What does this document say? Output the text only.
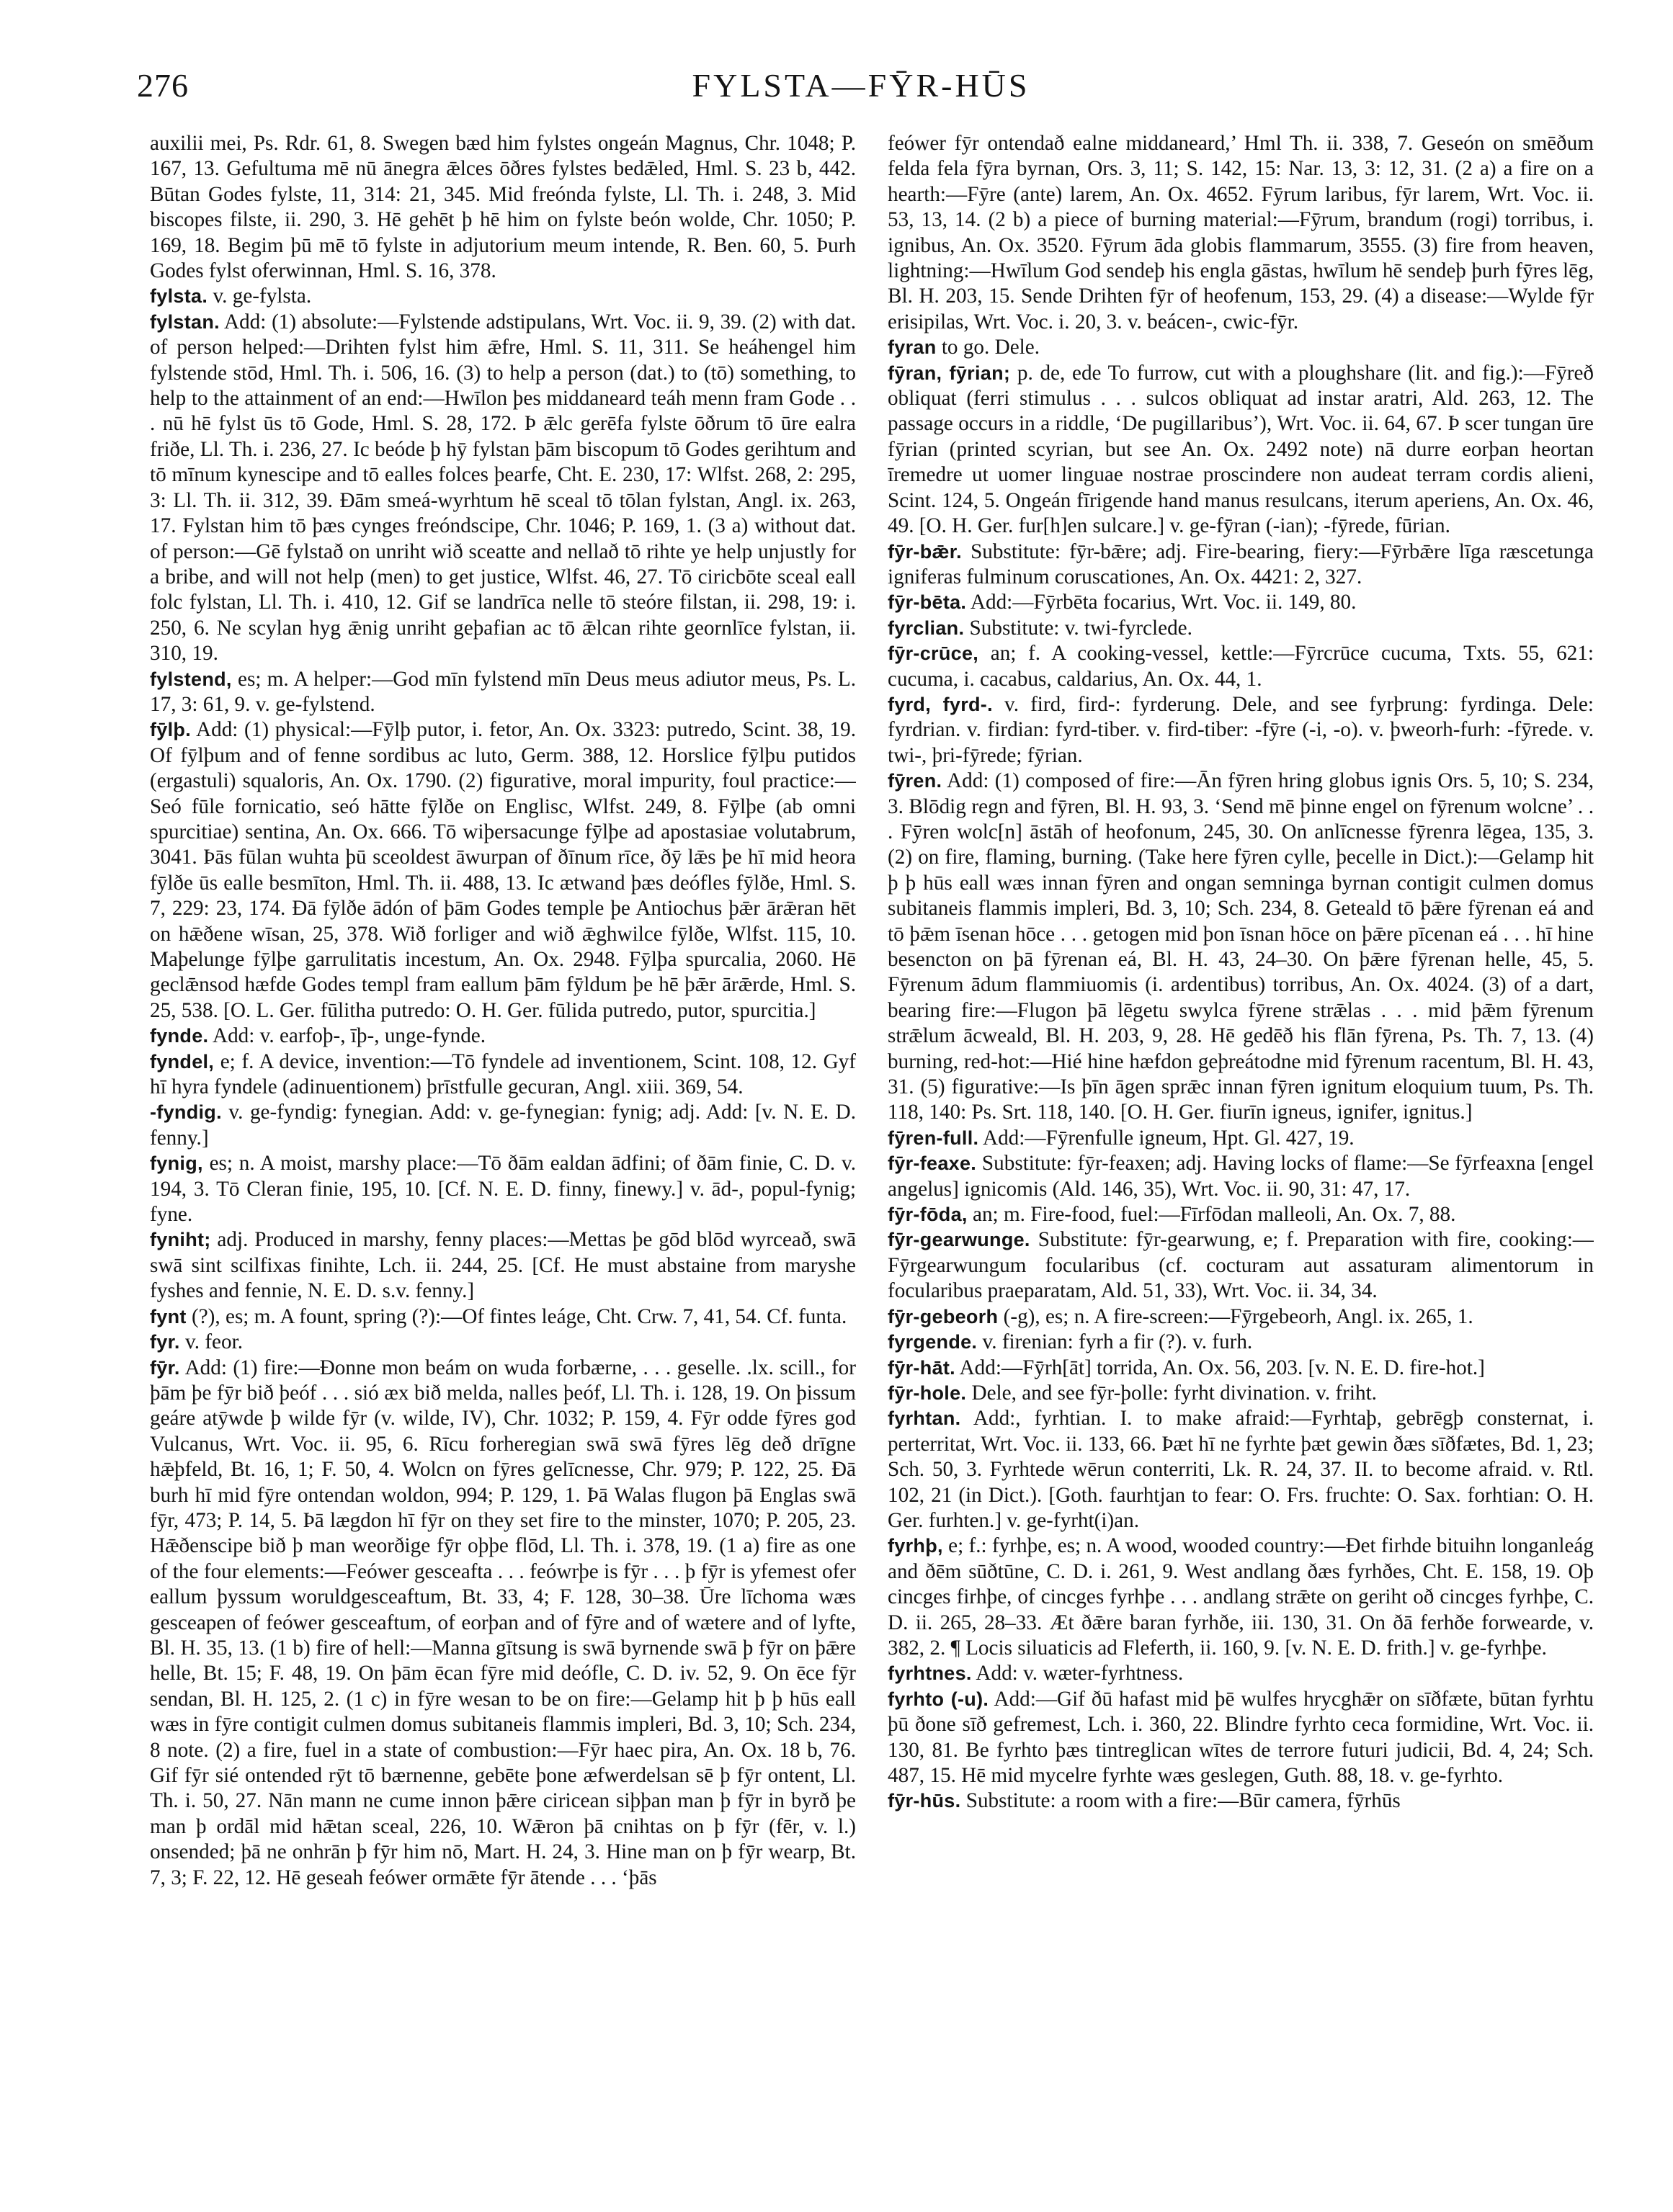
276	FYLSTA—FȲR-HŪS

auxilii mei, Ps. Rdr. 61, 8. Swegen bæd him fylstes ongeán Magnus, Chr. 1048; P. 167, 13. Gefultuma mē nū ānegra ǣlces ōðres fylstes bedǣled, Hml. S. 23 b, 442. Būtan Godes fylste, 11, 314: 21, 345. Mid freónda fylste, Ll. Th. i. 248, 3. Mid biscopes filste, ii. 290, 3. Hē gehēt þ hē him on fylste beón wolde, Chr. 1050; P. 169, 18. Begim þū mē tō fylste in adjutorium meum intende, R. Ben. 60, 5. Þurh Godes fylst oferwinnan, Hml. S. 16, 378.

fylsta. v. ge-fylsta.

fylstan. Add: (1) absolute:—Fylstende adstipulans, Wrt. Voc. ii. 9, 39. (2) with dat. of person helped:—Drihten fylst him ǣfre, Hml. S. 11, 311. Se heáhengel him fylstende stōd, Hml. Th. i. 506, 16. (3) to help a person (dat.) to (tō) something, to help to the attainment of an end:—Hwīlon þes middaneard teáh menn fram Gode . . . nū hē fylst ūs tō Gode, Hml. S. 28, 172. Þ ǣlc gerēfa fylste ōðrum tō ūre ealra friðe, Ll. Th. i. 236, 27. Ic beóde þ hȳ fylstan þām biscopum tō Godes gerihtum and tō mīnum kynescipe and tō ealles folces þearfe, Cht. E. 230, 17: Wlfst. 268, 2: 295, 3: Ll. Th. ii. 312, 39. Ðām smeá-wyrhtum hē sceal tō tōlan fylstan, Angl. ix. 263, 17. Fylstan him tō þæs cynges freóndscipe, Chr. 1046; P. 169, 1. (3 a) without dat. of person:—Gē fylstað on unriht wið sceatte and nellað tō rihte ye help unjustly for a bribe, and will not help (men) to get justice, Wlfst. 46, 27. Tō ciricbōte sceal eall folc fylstan, Ll. Th. i. 410, 12. Gif se landrīca nelle tō steóre filstan, ii. 298, 19: i. 250, 6. Ne scylan hyg ǣnig unriht geþafian ac tō ǣlcan rihte geornlīce fylstan, ii. 310, 19.

fylstend, es; m. A helper:—God mīn fylstend mīn Deus meus adiutor meus, Ps. L. 17, 3: 61, 9. v. ge-fylstend.

fȳlþ. Add: (1) physical:—Fȳlþ putor, i. fetor, An. Ox. 3323: putredo, Scint. 38, 19. Of fȳlþum and of fenne sordibus ac luto, Germ. 388, 12. Horslice fȳlþu putidos (ergastuli) squaloris, An. Ox. 1790. (2) figurative, moral impurity, foul practice:—Seó fūle fornicatio, seó hātte fȳlðe on Englisc, Wlfst. 249, 8. Fȳlþe (ab omni spurcitiae) sentina, An. Ox. 666. Tō wiþersacunge fȳlþe ad apostasiae volutabrum, 3041. Þās fūlan wuhta þū sceoldest āwurpan of ðīnum rīce, ðȳ lǣs þe hī mid heora fȳlðe ūs ealle besmīton, Hml. Th. ii. 488, 13. Ic ætwand þæs deófles fȳlðe, Hml. S. 7, 229: 23, 174. Ðā fȳlðe ādón of þām Godes temple þe Antiochus þǣr ārǣran hēt on hǣðene wīsan, 25, 378. Wið forliger and wið ǣghwilce fȳlðe, Wlfst. 115, 10. Maþelunge fȳlþe garrulitatis incestum, An. Ox. 2948. Fȳlþa spurcalia, 2060. Hē geclǣnsod hæfde Godes templ fram eallum þām fȳldum þe hē þǣr ārǣrde, Hml. S. 25, 538. [O. L. Ger. fūlitha putredo: O. H. Ger. fūlida putredo, putor, spurcitia.]

fynde. Add: v. earfoþ-, īþ-, unge-fynde.

fyndel, e; f. A device, invention:—Tō fyndele ad inventionem, Scint. 108, 12. Gyf hī hyra fyndele (adinuentionem) þrīstfulle gecuran, Angl. xiii. 369, 54.

-fyndig. v. ge-fyndig: fynegian. Add: v. ge-fynegian: fynig; adj. Add: [v. N. E. D. fenny.]

fynig, es; n. A moist, marshy place:—Tō ðām ealdan ādfini; of ðām finie, C. D. v. 194, 3. Tō Cleran finie, 195, 10. [Cf. N. E. D. finny, finewy.] v. ād-, popul-fynig; fyne.

fyniht; adj. Produced in marshy, fenny places:—Mettas þe gōd blōd wyrceað, swā swā sint scilfixas finihte, Lch. ii. 244, 25. [Cf. He must abstaine from maryshe fyshes and fennie, N. E. D. s.v. fenny.]

fynt (?), es; m. A fount, spring (?):—Of fintes leáge, Cht. Crw. 7, 41, 54. Cf. funta.

fyr. v. feor.

fȳr. Add: (1) fire:—Ðonne mon beám on wuda forbærne, . . . geselle. .lx. scill., for þām þe fȳr bið þeóf . . . sió æx bið melda, nalles þeóf, Ll. Th. i. 128, 19. On þissum geáre atȳwde þ wilde fȳr (v. wilde, IV), Chr. 1032; P. 159, 4. Fȳr odde fȳres god Vulcanus, Wrt. Voc. ii. 95, 6. Rīcu forheregian swā swā fȳres lēg deð drīgne hǣþfeld, Bt. 16, 1; F. 50, 4. Wolcn on fȳres gelīcnesse, Chr. 979; P. 122, 25. Ðā burh hī mid fȳre ontendan woldon, 994; P. 129, 1. Þā Walas flugon þā Englas swā fȳr, 473; P. 14, 5. Þā lægdon hī fȳr on they set fire to the minster, 1070; P. 205, 23. Hǣðenscipe bið þ man weorðige fȳr oþþe flōd, Ll. Th. i. 378, 19. (1 a) fire as one of the four elements:—Feówer gesceafta . . . feówrþe is fȳr . . . þ fȳr is yfemest ofer eallum þyssum woruldgesceaftum, Bt. 33, 4; F. 128, 30–38. Ūre līchoma wæs gesceapen of feówer gesceaftum, of eorþan and of fȳre and of wætere and of lyfte, Bl. H. 35, 13. (1 b) fire of hell:—Manna gītsung is swā byrnende swā þ fȳr on þǣre helle, Bt. 15; F. 48, 19. On þām ēcan fȳre mid deófle, C. D. iv. 52, 9. On ēce fȳr sendan, Bl. H. 125, 2. (1 c) in fȳre wesan to be on fire:—Gelamp hit þ þ hūs eall wæs in fȳre contigit culmen domus subitaneis flammis impleri, Bd. 3, 10; Sch. 234, 8 note. (2) a fire, fuel in a state of combustion:—Fȳr haec pira, An. Ox. 18 b, 76. Gif fȳr sié ontended rȳt tō bærnenne, gebēte þone æfwerdelsan sē þ fȳr ontent, Ll. Th. i. 50, 27. Nān mann ne cume innon þǣre ciricean siþþan man þ fȳr in byrð þe man þ ordāl mid hǣtan sceal, 226, 10. Wǣron þā cnihtas on þ fȳr (fēr, v. l.) onsended; þā ne onhrān þ fȳr him nō, Mart. H. 24, 3. Hine man on þ fȳr wearp, Bt. 7, 3; F. 22, 12. Hē geseah feówer ormǣte fȳr ātende . . . ‘þās

feówer fȳr ontendað ealne middaneard,’ Hml Th. ii. 338, 7. Geseón on smēðum felda fela fȳra byrnan, Ors. 3, 11; S. 142, 15: Nar. 13, 3: 12, 31. (2 a) a fire on a hearth:—Fȳre (ante) larem, An. Ox. 4652. Fȳrum laribus, fȳr larem, Wrt. Voc. ii. 53, 13, 14. (2 b) a piece of burning material:—Fȳrum, brandum (rogi) torribus, i. ignibus, An. Ox. 3520. Fȳrum āda globis flammarum, 3555. (3) fire from heaven, lightning:—Hwīlum God sendeþ his engla gāstas, hwīlum hē sendeþ þurh fȳres lēg, Bl. H. 203, 15. Sende Drihten fȳr of heofenum, 153, 29. (4) a disease:—Wylde fȳr erisipilas, Wrt. Voc. i. 20, 3. v. beácen-, cwic-fȳr.

fyran to go. Dele.

fȳran, fȳrian; p. de, ede To furrow, cut with a ploughshare (lit. and fig.):—Fȳreð obliquat (ferri stimulus . . . sulcos obliquat ad instar aratri, Ald. 263, 12. The passage occurs in a riddle, ‘De pugillaribus’), Wrt. Voc. ii. 64, 67. Þ scer tungan ūre fȳrian (printed scyrian, but see An. Ox. 2492 note) nā durre eorþan heortan īremedre ut uomer linguae nostrae proscindere non audeat terram cordis alieni, Scint. 124, 5. Ongeán fīrigende hand manus resulcans, iterum aperiens, An. Ox. 46, 49. [O. H. Ger. fur[h]en sulcare.] v. ge-fȳran (-ian); -fȳrede, fūrian.

fȳr-bǣr. Substitute: fȳr-bǣre; adj. Fire-bearing, fiery:—Fȳrbǣre līga ræscetunga igniferas fulminum coruscationes, An. Ox. 4421: 2, 327.

fȳr-bēta. Add:—Fȳrbēta focarius, Wrt. Voc. ii. 149, 80.

fyrclian. Substitute: v. twi-fyrclede.

fȳr-crūce, an; f. A cooking-vessel, kettle:—Fȳrcrūce cucuma, Txts. 55, 621: cucuma, i. cacabus, caldarius, An. Ox. 44, 1.

fyrd, fyrd-. v. fird, fird-: fyrderung. Dele, and see fyrþrung: fyrdinga. Dele: fyrdrian. v. firdian: fyrd-tiber. v. fird-tiber: -fȳre (-i, -o). v. þweorh-furh: -fȳrede. v. twi-, þri-fȳrede; fȳrian.

fȳren. Add: (1) composed of fire:—Ān fȳren hring globus ignis Ors. 5, 10; S. 234, 3. Blōdig regn and fȳren, Bl. H. 93, 3. ‘Send mē þinne engel on fȳrenum wolcne’ . . . Fȳren wolc[n] āstāh of heofonum, 245, 30. On anlīcnesse fȳrenra lēgea, 135, 3. (2) on fire, flaming, burning. (Take here fȳren cylle, þecelle in Dict.):—Gelamp hit þ þ hūs eall wæs innan fȳren and ongan semninga byrnan contigit culmen domus subitaneis flammis impleri, Bd. 3, 10; Sch. 234, 8. Geteald tō þǣre fȳrenan eá and tō þǣm īsenan hōce . . . getogen mid þon īsnan hōce on þǣre pīcenan eá . . . hī hine besencton on þā fȳrenan eá, Bl. H. 43, 24–30. On þǣre fȳrenan helle, 45, 5. Fȳrenum ādum flammiuomis (i. ardentibus) torribus, An. Ox. 4024. (3) of a dart, bearing fire:—Flugon þā lēgetu swylca fȳrene strǣlas . . . mid þǣm fȳrenum strǣlum ācweald, Bl. H. 203, 9, 28. Hē gedēð his flān fȳrena, Ps. Th. 7, 13. (4) burning, red-hot:—Hié hine hæfdon geþreátodne mid fȳrenum racentum, Bl. H. 43, 31. (5) figurative:—Is þīn āgen sprǣc innan fȳren ignitum eloquium tuum, Ps. Th. 118, 140: Ps. Srt. 118, 140. [O. H. Ger. fiurīn igneus, ignifer, ignitus.]

fȳren-full. Add:—Fȳrenfulle igneum, Hpt. Gl. 427, 19.

fȳr-feaxe. Substitute: fȳr-feaxen; adj. Having locks of flame:—Se fȳrfeaxna [engel angelus] ignicomis (Ald. 146, 35), Wrt. Voc. ii. 90, 31: 47, 17.

fȳr-fōda, an; m. Fire-food, fuel:—Fīrfōdan malleoli, An. Ox. 7, 88.

fȳr-gearwunge. Substitute: fȳr-gearwung, e; f. Preparation with fire, cooking:—Fȳrgearwungum focularibus (cf. cocturam aut assaturam alimentorum in focularibus praeparatam, Ald. 51, 33), Wrt. Voc. ii. 34, 34.

fȳr-gebeorh (-g), es; n. A fire-screen:—Fȳrgebeorh, Angl. ix. 265, 1.

fyrgende. v. firenian: fyrh a fir (?). v. furh.

fȳr-hāt. Add:—Fȳrh[āt] torrida, An. Ox. 56, 203. [v. N. E. D. fire-hot.]

fȳr-hole. Dele, and see fȳr-þolle: fyrht divination. v. friht.

fyrhtan. Add:, fyrhtian. I. to make afraid:—Fyrhtaþ, gebrēgþ consternat, i. perterritat, Wrt. Voc. ii. 133, 66. Þæt hī ne fyrhte þæt gewin ðæs sīðfætes, Bd. 1, 23; Sch. 50, 3. Fyrhtede wērun conterriti, Lk. R. 24, 37. II. to become afraid. v. Rtl. 102, 21 (in Dict.). [Goth. faurhtjan to fear: O. Frs. fruchte: O. Sax. forhtian: O. H. Ger. furhten.] v. ge-fyrht(i)an.

fyrhþ, e; f.: fyrhþe, es; n. A wood, wooded country:—Ðet firhde bituihn longanleág and ðēm sūðtūne, C. D. i. 261, 9. West andlang ðæs fyrhðes, Cht. E. 158, 19. Oþ cincges firhþe, of cincges fyrhþe . . . andlang strǣte on geriht oð cincges fyrhþe, C. D. ii. 265, 28–33. Æt ðǣre baran fyrhðe, iii. 130, 31. On ðā ferhðe forwearde, v. 382, 2. ¶ Locis siluaticis ad Fleferth, ii. 160, 9. [v. N. E. D. frith.] v. ge-fyrhþe.

fyrhtnes. Add: v. wæter-fyrhtness.

fyrhto (-u). Add:—Gif ðū hafast mid þē wulfes hrycghǣr on sīðfæte, būtan fyrhtu þū ðone sīð gefremest, Lch. i. 360, 22. Blindre fyrhto ceca formidine, Wrt. Voc. ii. 130, 81. Be fyrhto þæs tintreglican wītes de terrore futuri judicii, Bd. 4, 24; Sch. 487, 15. Hē mid mycelre fyrhte wæs geslegen, Guth. 88, 18. v. ge-fyrhto.

fȳr-hūs. Substitute: a room with a fire:—Būr camera, fȳrhūs
